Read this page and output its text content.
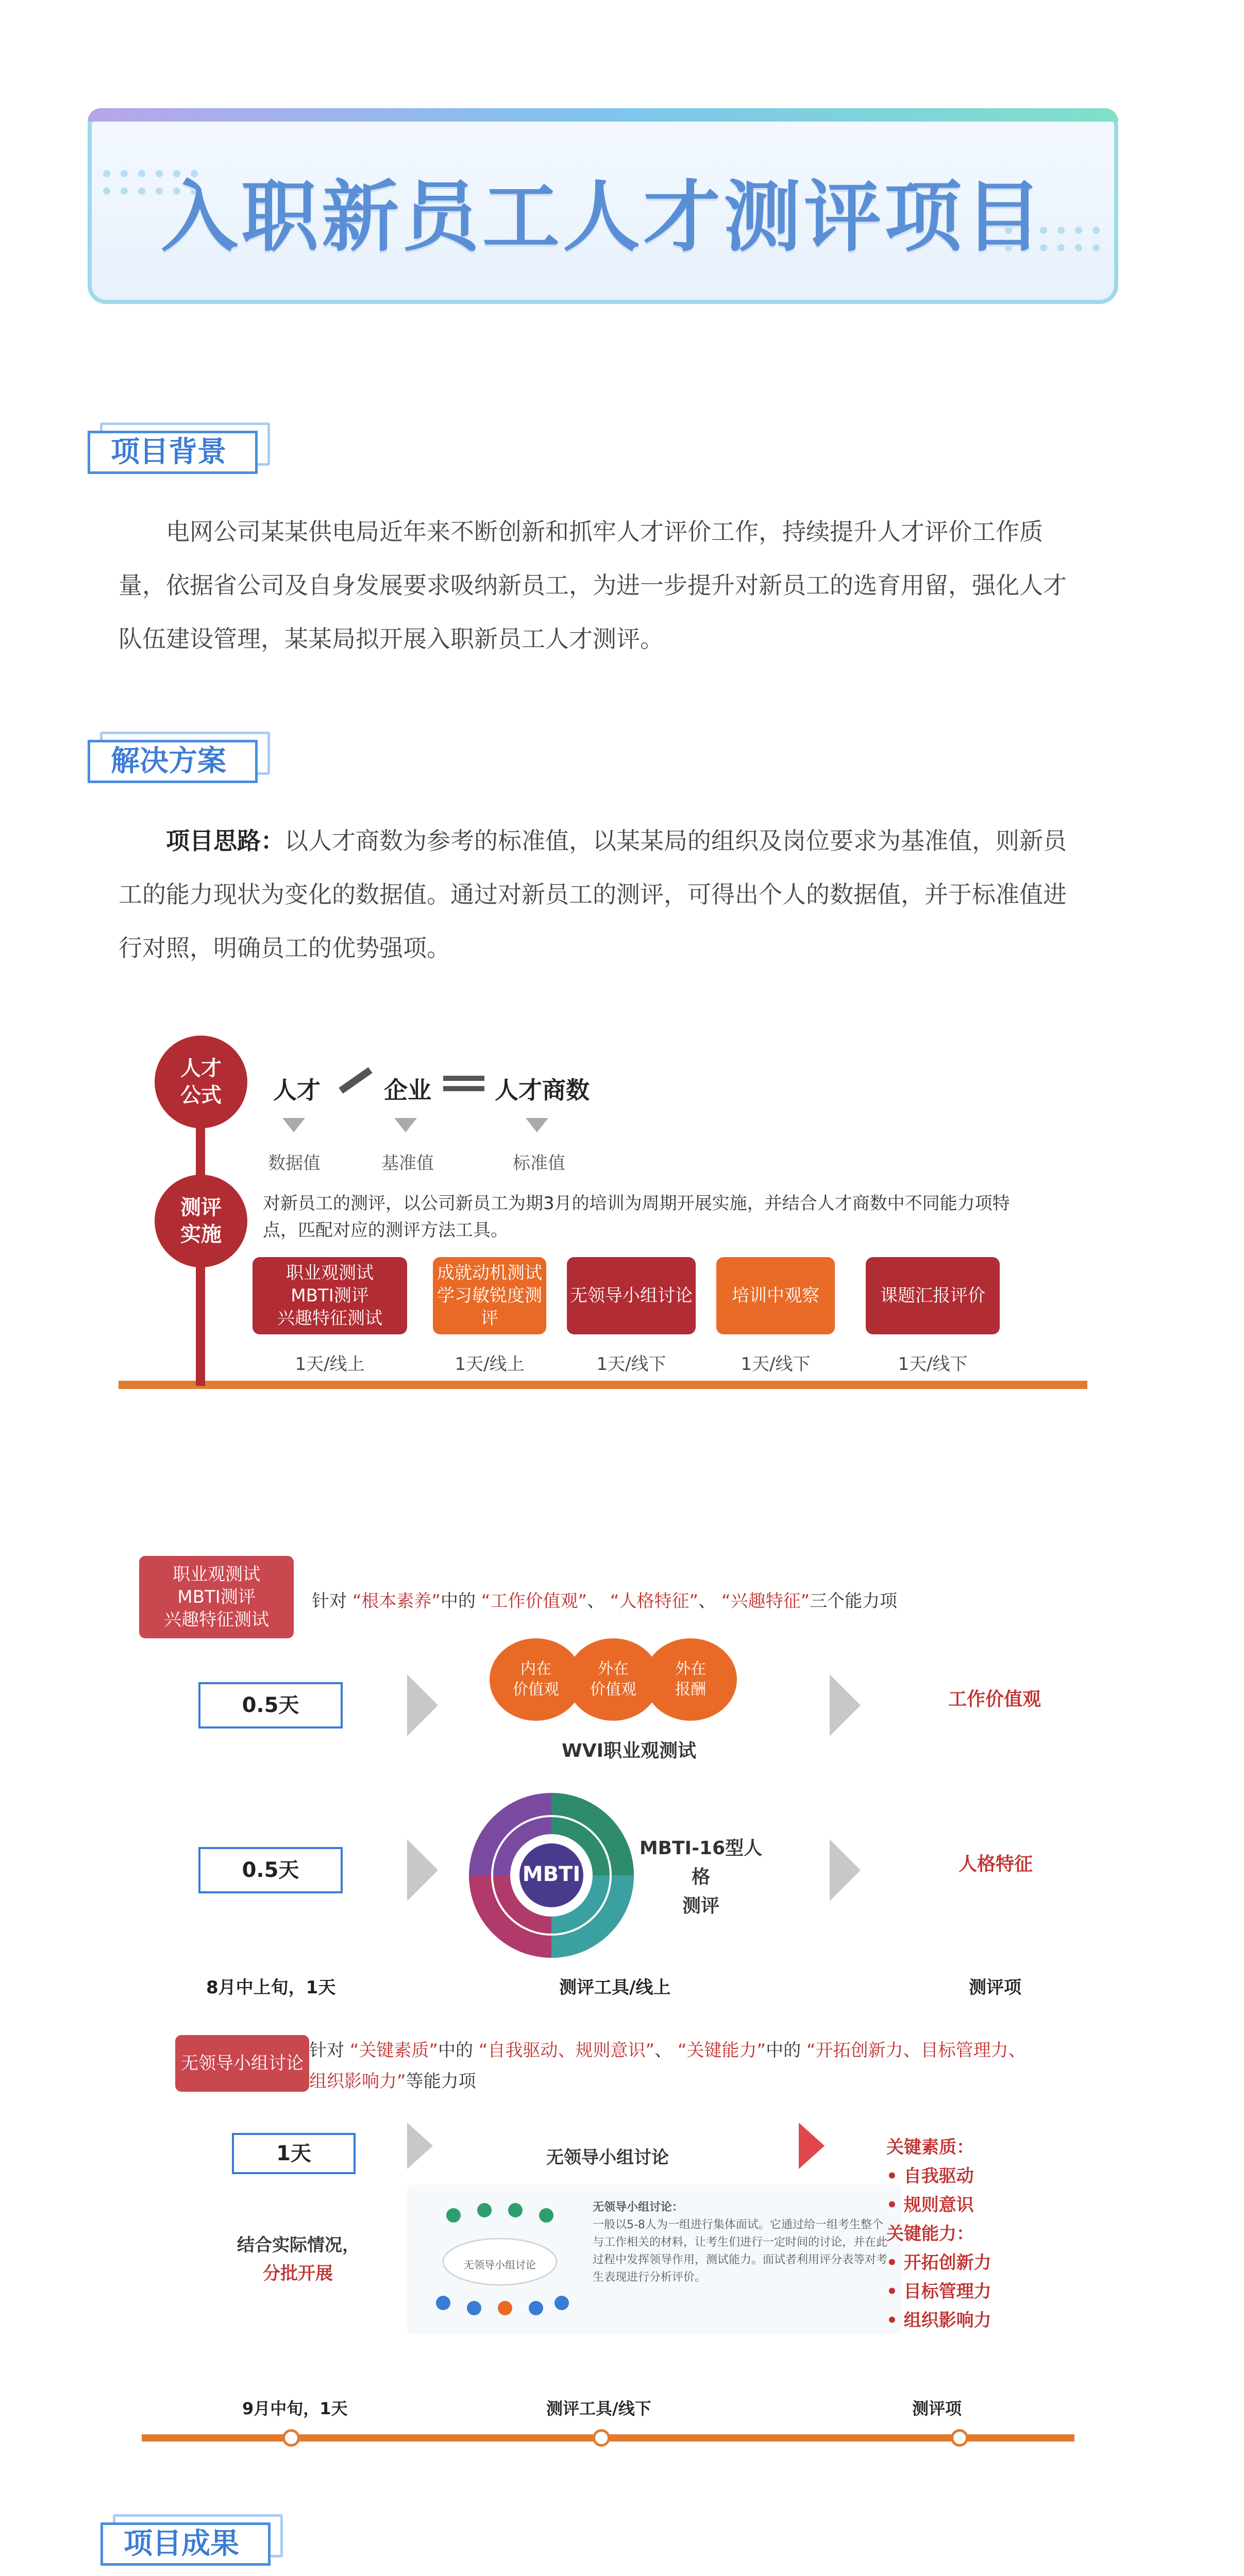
入职新员工人才测评项目
项目背景
电网公司某某供电局近年来不断创新和抓牢人才评价工作，持续提升人才评价工作质量，依据省公司及自身发展要求吸纳新员工，为进一步提升对新员工的选育用留，强化人才队伍建设管理，某某局拟开展入职新员工人才测评。
解决方案
项目思路：以人才商数为参考的标准值，以某某局的组织及岗位要求为基准值，则新员工的能力现状为变化的数据值。通过对新员工的测评，可得出个人的数据值，并于标准值进行对照，明确员工的优势强项。
人才
公式
测评
实施
人才	企业	人才商数
数据值	基准值	标准值
对新员工的测评，以公司新员工为期3月的培训为周期开展实施，并结合人才商数中不同能力项特点，匹配对应的测评方法工具。
职业观测试
MBTI测评
兴趣特征测试
1天/线上
成就动机测试
学习敏锐度测评
1天/线上
无领导小组讨论
1天/线下
培训中观察
1天/线下
课题汇报评价
1天/线下
职业观测试
MBTI测评
兴趣特征测试
针对 “根本素养”中的 “工作价值观”、 “人格特征”、 “兴趣特征”三个能力项
0.5天
内在
价值观
外在
价值观
外在
报酬
WVI职业观测试
工作价值观
0.5天	MBTI
MBTI-16型人格
测评
人格特征
8月中上旬，1天	测评工具/线上	测评项
无领导小组讨论
针对 “关键素质”中的 “自我驱动、规则意识”、 “关键能力”中的 “开拓创新力、目标管理力、组织影响力”等能力项
1天	无领导小组讨论
结合实际情况，
分批开展	无领导小组讨论
无领导小组讨论：
一般以5-8人为一组进行集体面试。它通过给一组考生整个与工作相关的材料，让考生们进行一定时间的讨论，并在此过程中发挥领导作用，测试能力。面试者利用评分表等对考生表现进行分析评价。
关键素质：
• 自我驱动
• 规则意识
关键能力：
• 开拓创新力
• 目标管理力
• 组织影响力
9月中旬，1天	测评工具/线下	测评项
项目成果
